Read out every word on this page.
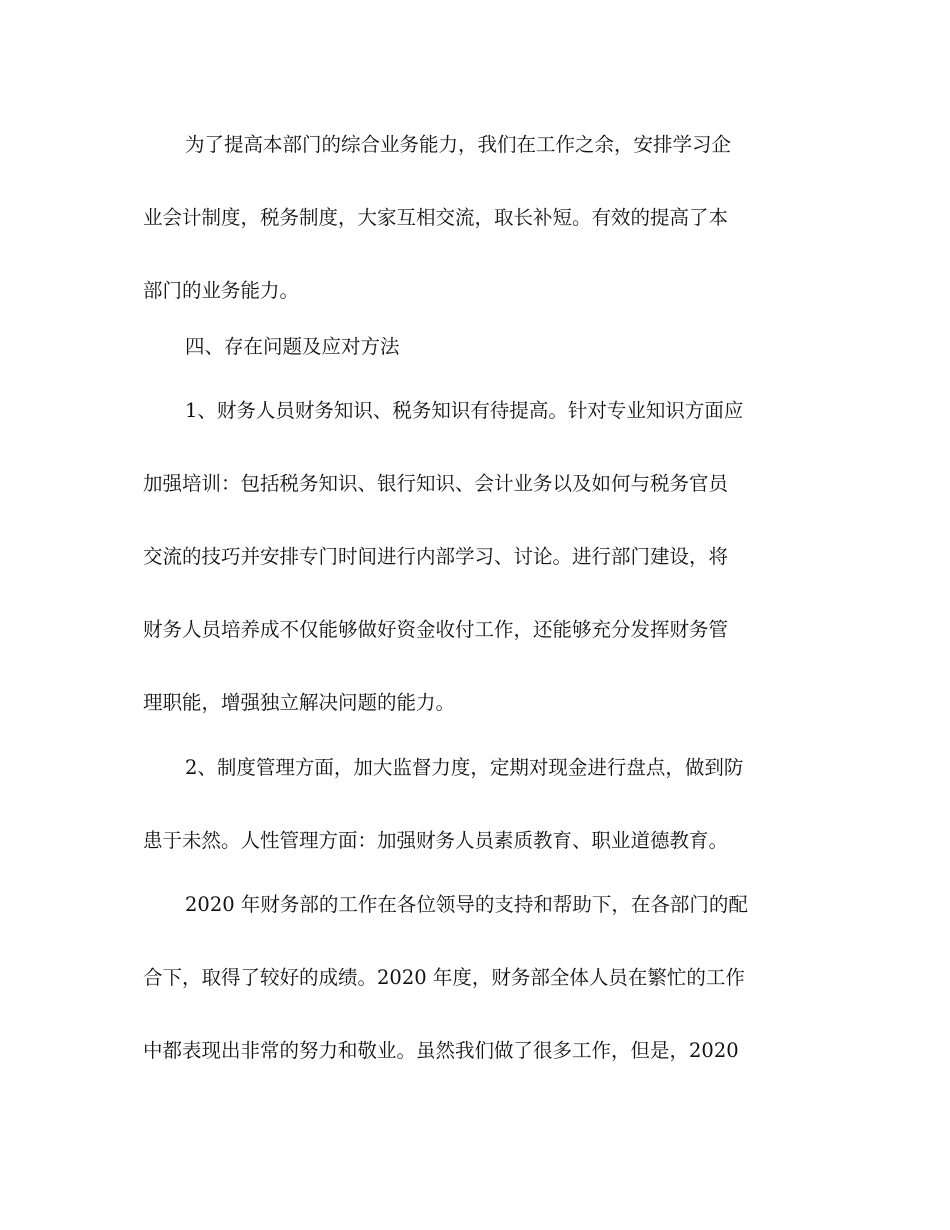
为了提高本部门的综合业务能力，我们在工作之余，安排学习企
业会计制度，税务制度，大家互相交流，取长补短。有效的提高了本
部门的业务能力。

四、存在问题及应对方法

1、财务人员财务知识、税务知识有待提高。针对专业知识方面应
加强培训：包括税务知识、银行知识、会计业务以及如何与税务官员
交流的技巧并安排专门时间进行内部学习、讨论。进行部门建设，将
财务人员培养成不仅能够做好资金收付工作，还能够充分发挥财务管
理职能，增强独立解决问题的能力。

2、制度管理方面，加大监督力度，定期对现金进行盘点，做到防
患于未然。人性管理方面：加强财务人员素质教育、职业道德教育。

2020 年财务部的工作在各位领导的支持和帮助下，在各部门的配
合下，取得了较好的成绩。2020 年度，财务部全体人员在繁忙的工作
中都表现出非常的努力和敬业。虽然我们做了很多工作，但是，2020
